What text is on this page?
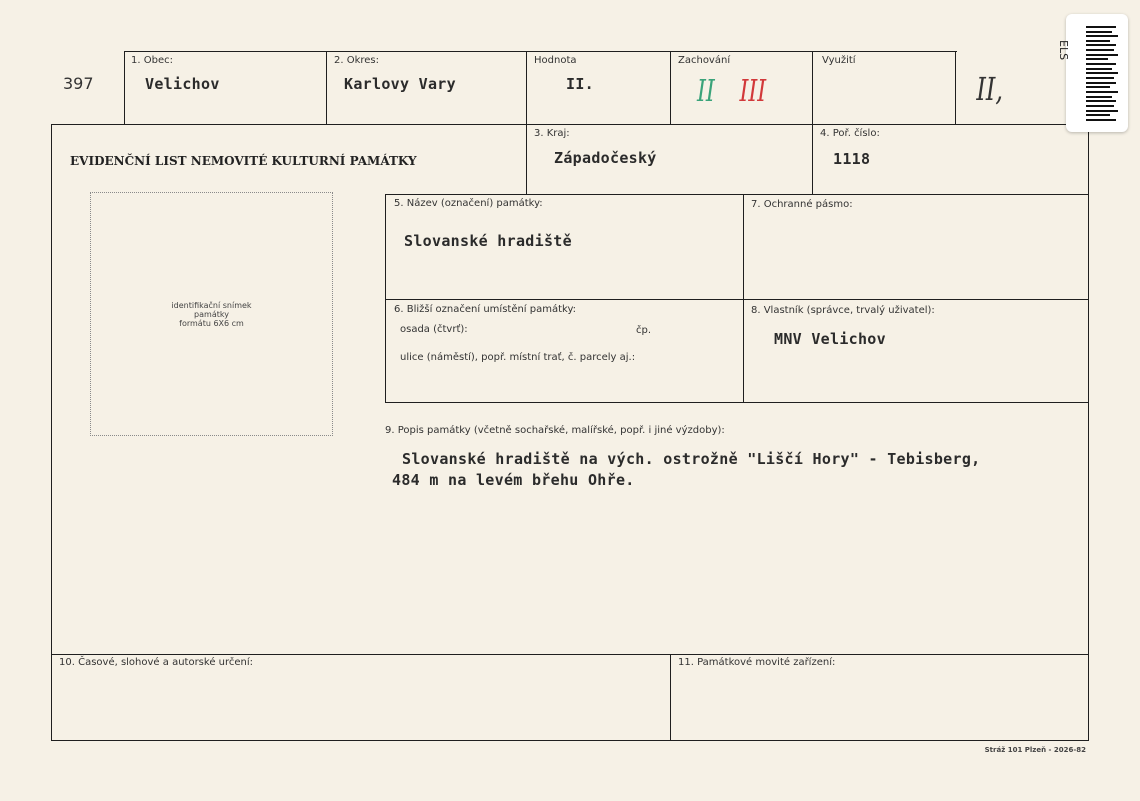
397
1. Obec:
Velichov
2. Okres:
Karlovy Vary
Hodnota
II.
Zachování
II III
Využití
II,
EVIDENČNÍ LIST NEMOVITÉ KULTURNÍ PAMÁTKY
3. Kraj:
Západočeský
4. Poř. číslo:
1118
identifikační snímek
památky
formátu 6X6 cm
5. Název (označení) památky:
Slovanské hradiště
7. Ochranné pásmo:
6. Bližší označení umístění památky:
osada (čtvrť):	čp.
ulice (náměstí), popř. místní trať, č. parcely aj.:
8. Vlastník (správce, trvalý uživatel):
MNV Velichov
9. Popis památky (včetně sochařské, malířské, popř. i jiné výzdoby):
Slovanské hradiště na vých. ostrožně "Liščí Hory" - Tebisberg,
484 m na levém břehu Ohře.
10. Časové, slohové a autorské určení:	11. Památkové movité zařízení:
Stráž 101 Plzeň - 2026-82
ELS
